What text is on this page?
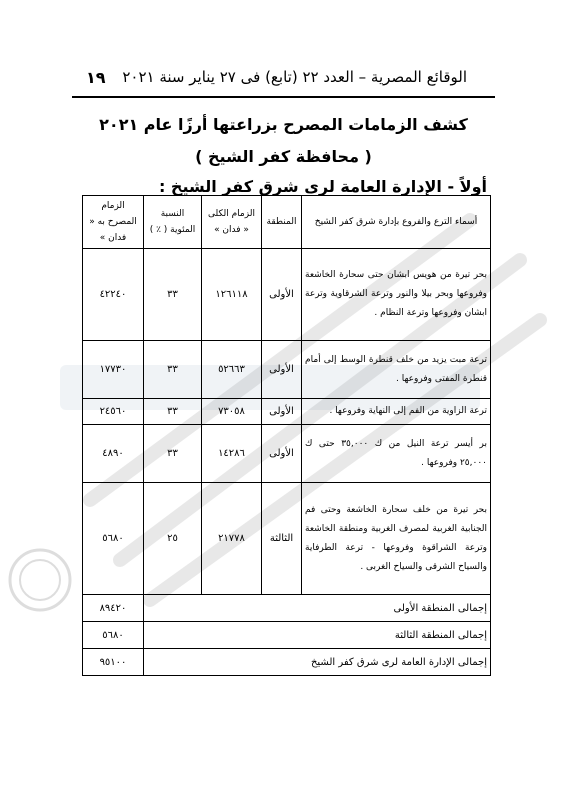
١٩ الوقائع المصرية – العدد ٢٢ (تابع) فى ٢٧ يناير سنة ٢٠٢١
كشف الزمامات المصرح بزراعتها أرزًا عام ٢٠٢١
( محافظة كفر الشيخ )
أولاً - الإدارة العامة لرى شرق كفر الشيخ :
أسماء الترع والفروع بإدارة شرق كفر الشيخ	المنطقة	الزمام الكلى « فدان »	النسبة المئوية ( ٪ )	الزمام المصرح به « فدان »
بحر تيرة من هويس ابشان حتى سحارة الخاشعة وفروعها وبحر بيلا والنور وترعة الشرقاوية وترعة ابشان وفروعها وترعة النظام .	الأولى	١٢٦١١٨	٣٣	٤٢٢٤٠
ترعة مبت يزيد من خلف قنطرة الوسط إلى أمام قنطرة المفتى وفروعها .	الأولى	٥٢٦٦٣	٣٣	١٧٧٣٠
ترعة الزاوية من الفم إلى النهاية وفروعها .	الأولى	٧٣٠٥٨	٣٣	٢٤٥٦٠
بر أيسر ترعة النيل من ك ٣٥,٠٠٠ حتى ك ٢٥,٠٠٠ وفروعها .	الأولى	١٤٢٨٦	٣٣	٤٨٩٠
بحر تيرة من خلف سحارة الخاشعة وحتى فم الجنابية الغربية لمصرف الغربية ومنطقة الخاشعة وترعة الشراقوة وفروعها - ترعة الطرفاية والسياح الشرقى والسياح الغربى .	الثالثة	٢١٧٧٨	٢٥	٥٦٨٠
إجمالى المنطقة الأولى				٨٩٤٢٠
إجمالى المنطقة الثالثة				٥٦٨٠
إجمالى الإدارة العامة لرى شرق كفر الشيخ				٩٥١٠٠
